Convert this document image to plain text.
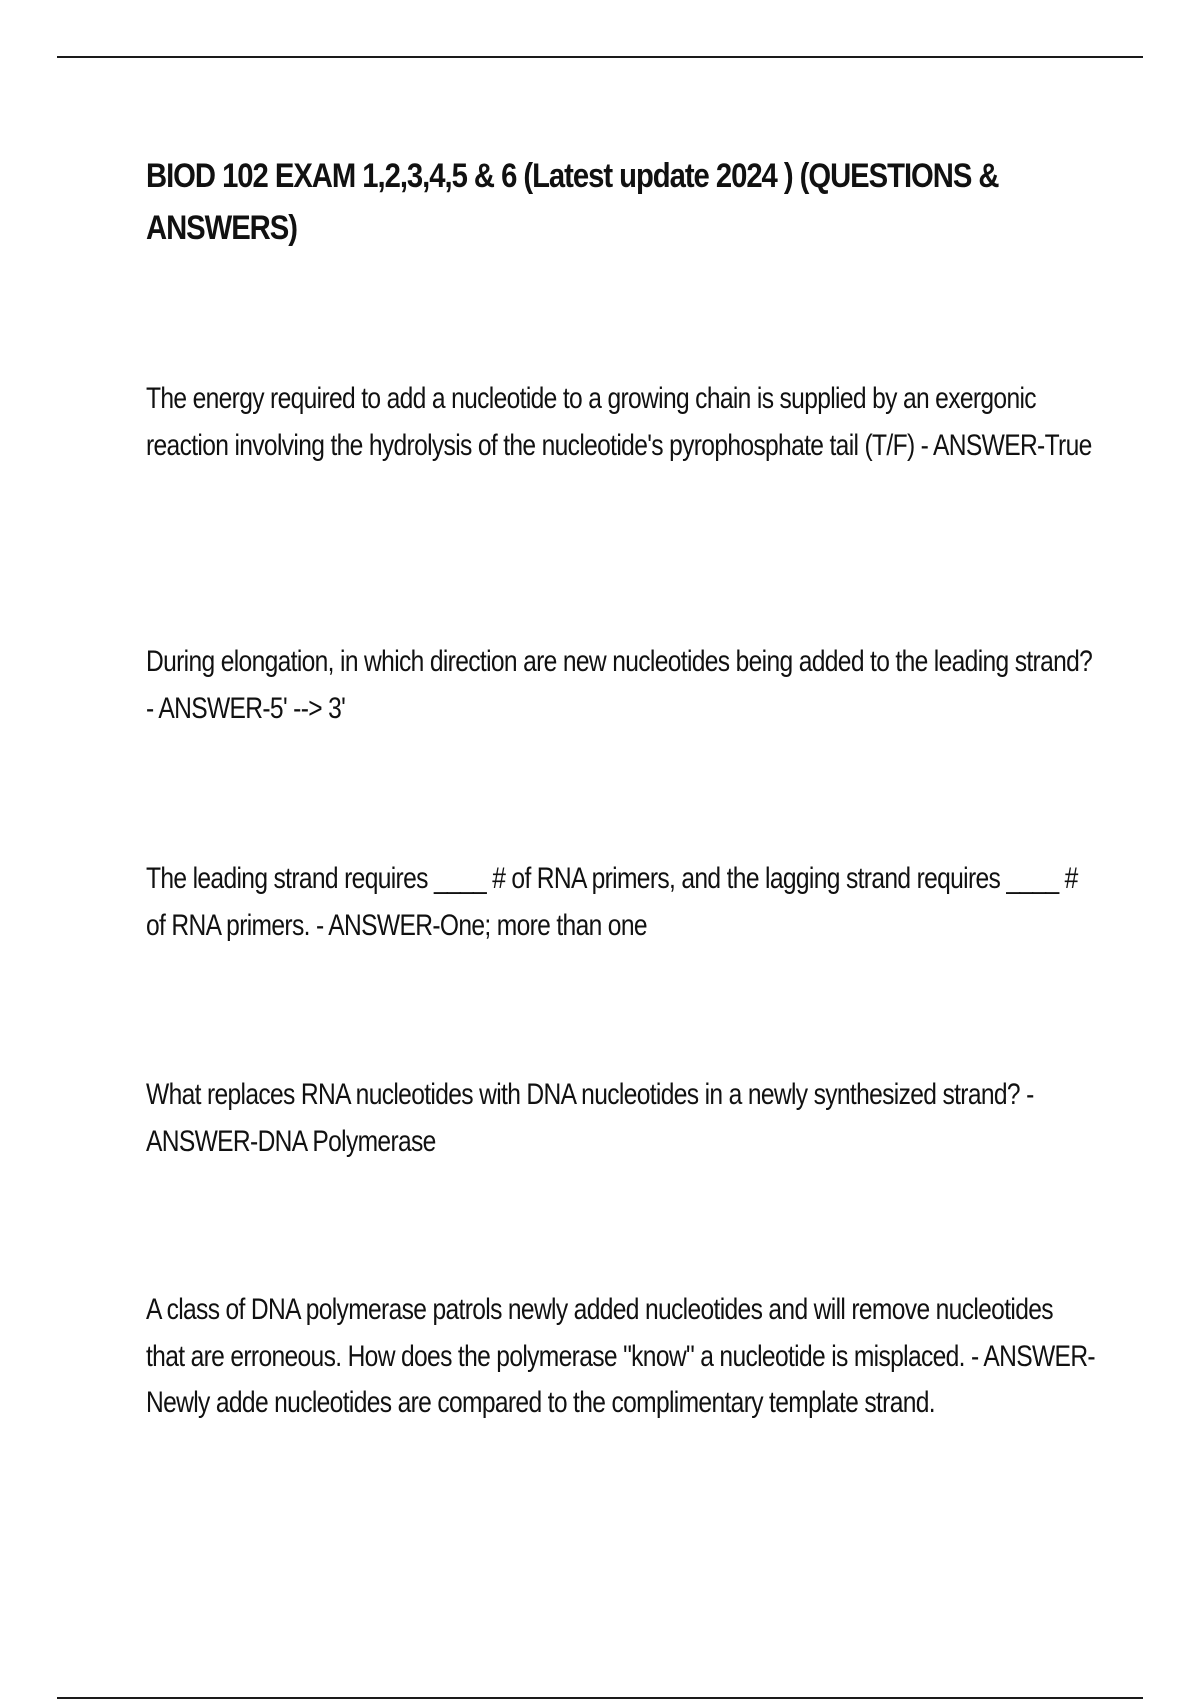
BIOD 102 EXAM 1,2,3,4,5 & 6 (Latest update 2024 ) (QUESTIONS & ANSWERS)

The energy required to add a nucleotide to a growing chain is supplied by an exergonic reaction involving the hydrolysis of the nucleotide's pyrophosphate tail (T/F) - ANSWER-True

During elongation, in which direction are new nucleotides being added to the leading strand? - ANSWER-5' --> 3'

The leading strand requires ____ # of RNA primers, and the lagging strand requires ____ # of RNA primers. - ANSWER-One; more than one

What replaces RNA nucleotides with DNA nucleotides in a newly synthesized strand? - ANSWER-DNA Polymerase

A class of DNA polymerase patrols newly added nucleotides and will remove nucleotides that are erroneous. How does the polymerase "know" a nucleotide is misplaced. - ANSWER-Newly adde nucleotides are compared to the complimentary template strand.
